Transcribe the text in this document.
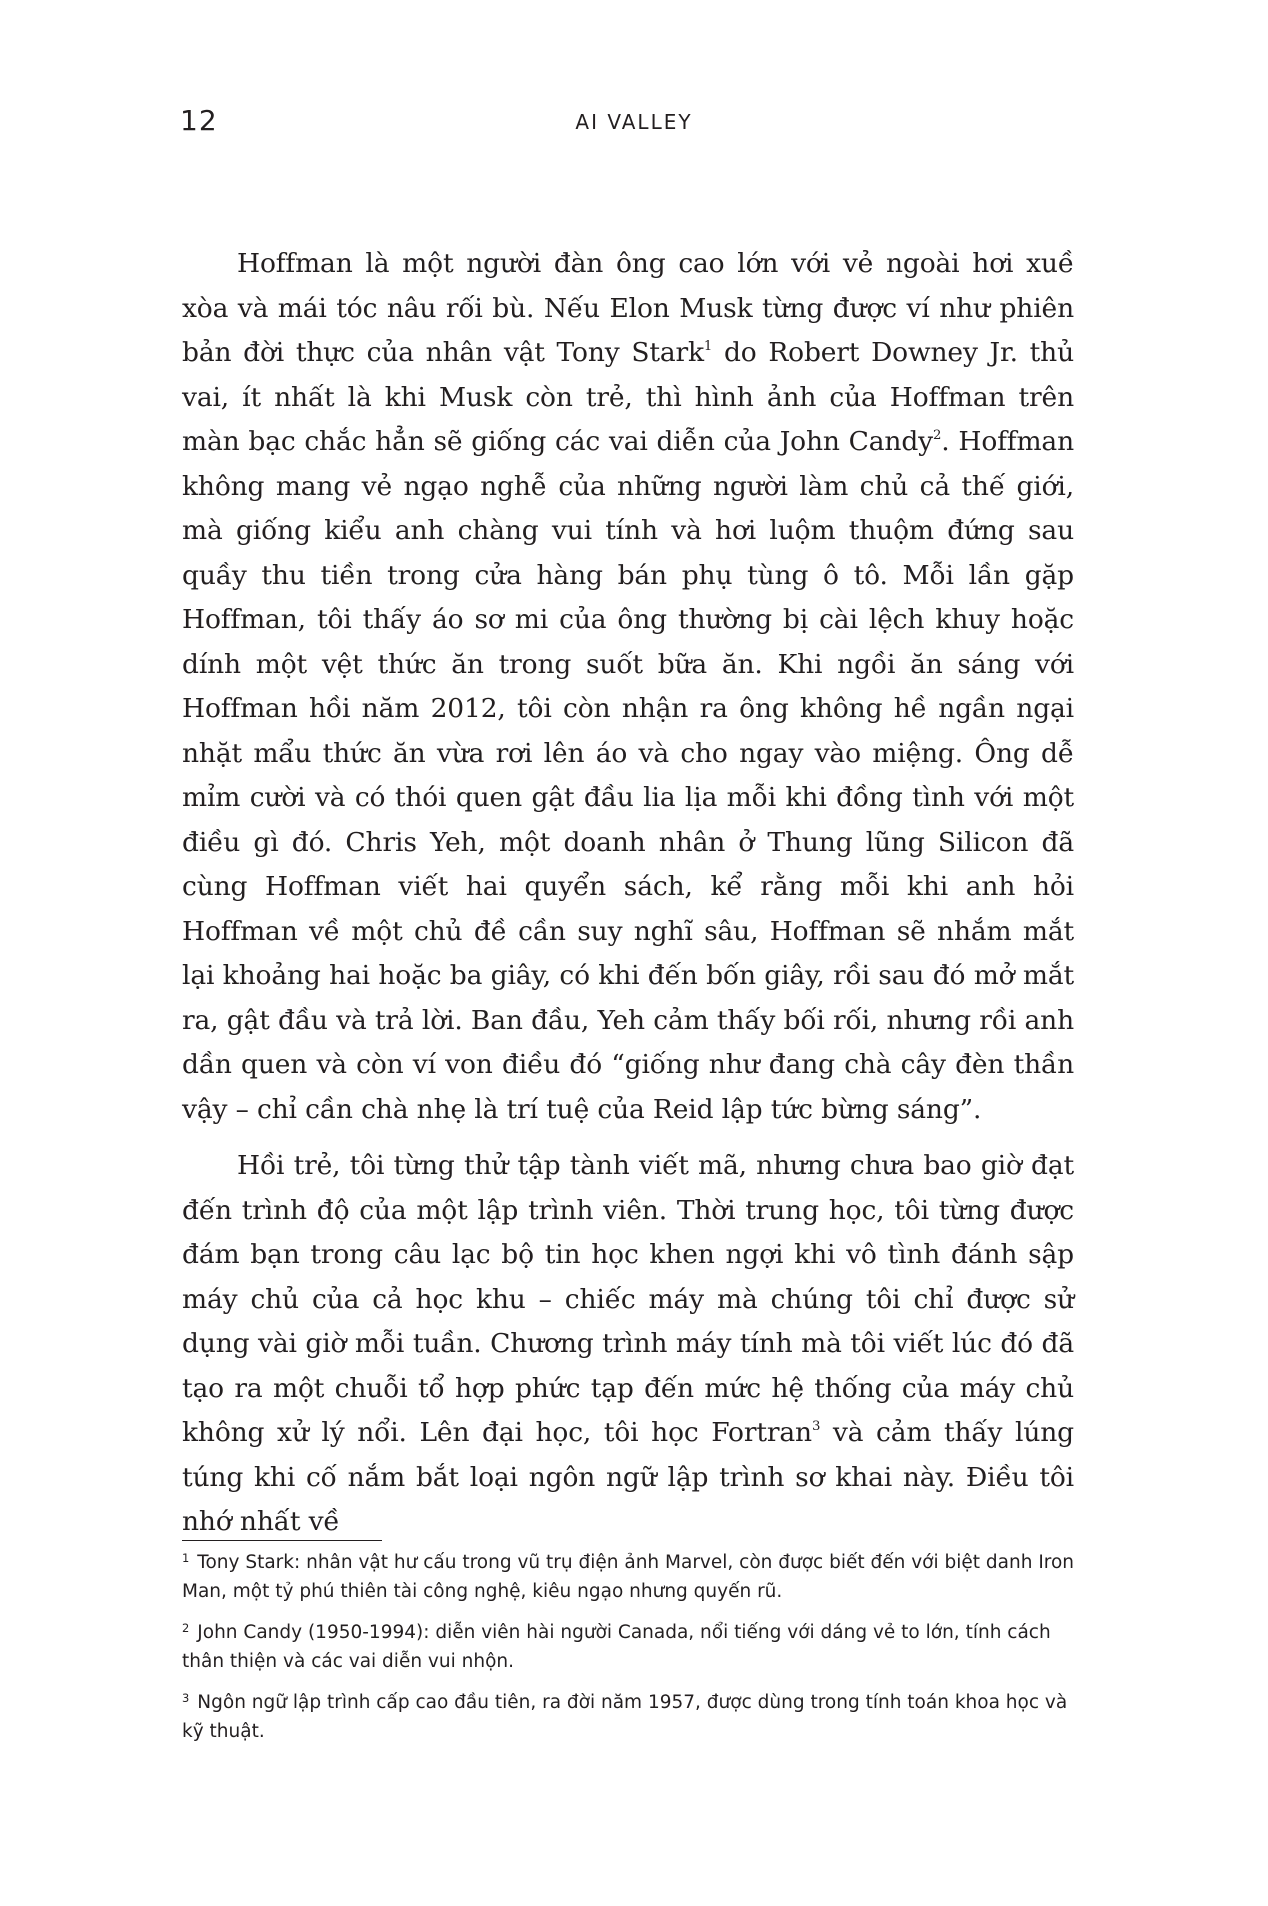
12	AI VALLEY

Hoffman là một người đàn ông cao lớn với vẻ ngoài hơi xuề xòa và mái tóc nâu rối bù. Nếu Elon Musk từng được ví như phiên bản đời thực của nhân vật Tony Stark$^1$ do Robert Downey Jr. thủ vai, ít nhất là khi Musk còn trẻ, thì hình ảnh của Hoffman trên màn bạc chắc hẳn sẽ giống các vai diễn của John Candy$^2$. Hoffman không mang vẻ ngạo nghễ của những người làm chủ cả thế giới, mà giống kiểu anh chàng vui tính và hơi luộm thuộm đứng sau quầy thu tiền trong cửa hàng bán phụ tùng ô tô. Mỗi lần gặp Hoffman, tôi thấy áo sơ mi của ông thường bị cài lệch khuy hoặc dính một vệt thức ăn trong suốt bữa ăn. Khi ngồi ăn sáng với Hoffman hồi năm 2012, tôi còn nhận ra ông không hề ngần ngại nhặt mẩu thức ăn vừa rơi lên áo và cho ngay vào miệng. Ông dễ mỉm cười và có thói quen gật đầu lia lịa mỗi khi đồng tình với một điều gì đó. Chris Yeh, một doanh nhân ở Thung lũng Silicon đã cùng Hoffman viết hai quyển sách, kể rằng mỗi khi anh hỏi Hoffman về một chủ đề cần suy nghĩ sâu, Hoffman sẽ nhắm mắt lại khoảng hai hoặc ba giây, có khi đến bốn giây, rồi sau đó mở mắt ra, gật đầu và trả lời. Ban đầu, Yeh cảm thấy bối rối, nhưng rồi anh dần quen và còn ví von điều đó “giống như đang chà cây đèn thần vậy – chỉ cần chà nhẹ là trí tuệ của Reid lập tức bừng sáng”.

Hồi trẻ, tôi từng thử tập tành viết mã, nhưng chưa bao giờ đạt đến trình độ của một lập trình viên. Thời trung học, tôi từng được đám bạn trong câu lạc bộ tin học khen ngợi khi vô tình đánh sập máy chủ của cả học khu – chiếc máy mà chúng tôi chỉ được sử dụng vài giờ mỗi tuần. Chương trình máy tính mà tôi viết lúc đó đã tạo ra một chuỗi tổ hợp phức tạp đến mức hệ thống của máy chủ không xử lý nổi. Lên đại học, tôi học Fortran$^3$ và cảm thấy lúng túng khi cố nắm bắt loại ngôn ngữ lập trình sơ khai này. Điều tôi nhớ nhất về

$^1$ Tony Stark: nhân vật hư cấu trong vũ trụ điện ảnh Marvel, còn được biết đến với biệt danh Iron Man, một tỷ phú thiên tài công nghệ, kiêu ngạo nhưng quyến rũ.

$^2$ John Candy (1950-1994): diễn viên hài người Canada, nổi tiếng với dáng vẻ to lớn, tính cách thân thiện và các vai diễn vui nhộn.

$^3$ Ngôn ngữ lập trình cấp cao đầu tiên, ra đời năm 1957, được dùng trong tính toán khoa học và kỹ thuật.
